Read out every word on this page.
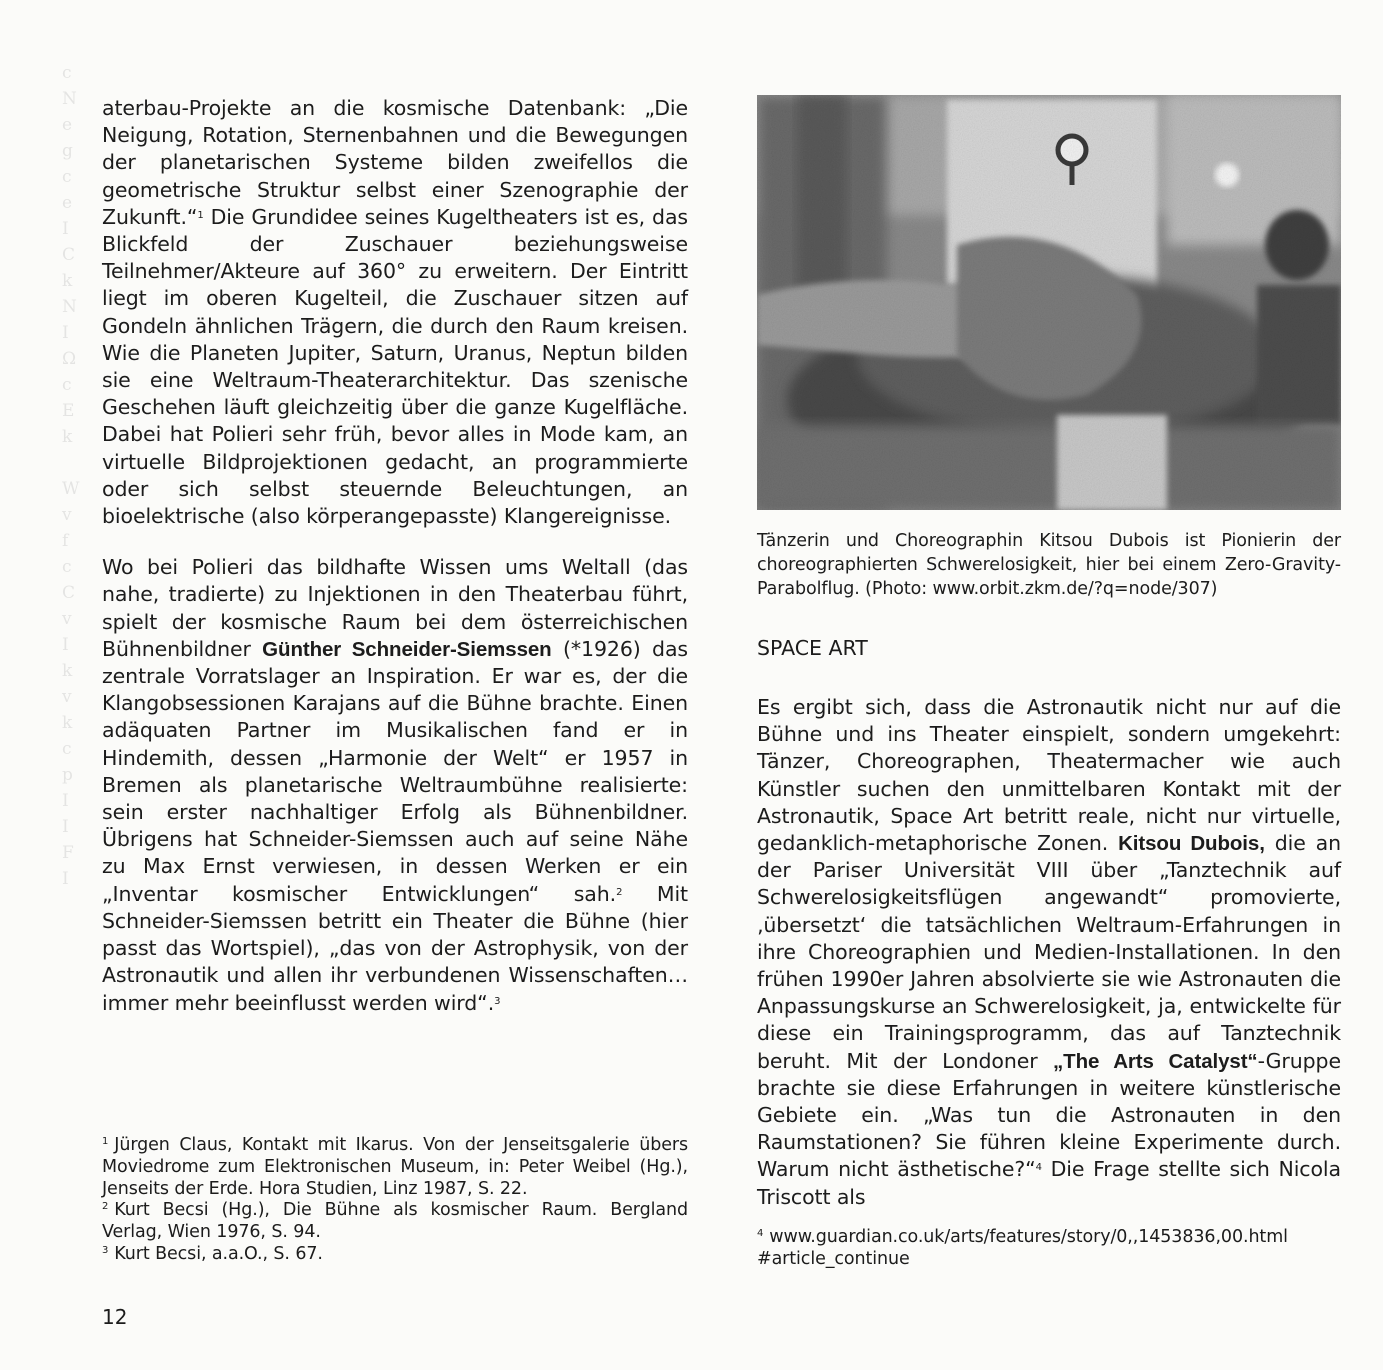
c
N
e
g
c
e
I
C
k
N
I
Ω
c
E
k

W
v
f
c
C
v
I
k
v
k
c
p
I
I
F
I

aterbau-Projekte an die kosmische Datenbank: „Die Neigung, Rotation, Sternenbahnen und die Bewegungen der planetarischen Systeme bilden zweifellos die geometrische Struktur selbst einer Szenographie der Zukunft.“$^1$ Die Grundidee seines Kugeltheaters ist es, das Blickfeld der Zuschauer beziehungsweise Teilnehmer/Akteure auf 360° zu erweitern. Der Eintritt liegt im oberen Kugelteil, die Zuschauer sitzen auf Gondeln ähnlichen Trägern, die durch den Raum kreisen. Wie die Planeten Jupiter, Saturn, Uranus, Neptun bilden sie eine Weltraum-Theaterarchitektur. Das szenische Geschehen läuft gleichzeitig über die ganze Kugelfläche. Dabei hat Polieri sehr früh, bevor alles in Mode kam, an virtuelle Bildprojektionen gedacht, an programmierte oder sich selbst steuernde Beleuchtungen, an bioelektrische (also körperangepasste) Klangereignisse.

Wo bei Polieri das bildhafte Wissen ums Weltall (das nahe, tradierte) zu Injektionen in den Theaterbau führt, spielt der kosmische Raum bei dem österreichischen Bühnenbildner Günther Schneider-Siemssen (*1926) das zentrale Vorratslager an Inspiration. Er war es, der die Klangobsessionen Karajans auf die Bühne brachte. Einen adäquaten Partner im Musikalischen fand er in Hindemith, dessen „Harmonie der Welt“ er 1957 in Bremen als planetarische Weltraumbühne realisierte: sein erster nachhaltiger Erfolg als Bühnenbildner. Übrigens hat Schneider-Siemssen auch auf seine Nähe zu Max Ernst verwiesen, in dessen Werken er ein „Inventar kosmischer Entwicklungen“ sah.$^2$ Mit Schneider-Siemssen betritt ein Theater die Bühne (hier passt das Wortspiel), „das von der Astrophysik, von der Astronautik und allen ihr verbundenen Wissenschaften… immer mehr beeinflusst werden wird“.$^3$

$^1$ Jürgen Claus, Kontakt mit Ikarus. Von der Jenseitsgalerie übers Moviedrome zum Elektronischen Museum, in: Peter Weibel (Hg.), Jenseits der Erde. Hora Studien, Linz 1987, S. 22.

$^2$ Kurt Becsi (Hg.), Die Bühne als kosmischer Raum. Bergland Verlag, Wien 1976, S. 94.

$^3$ Kurt Becsi, a.a.O., S. 67.

Tänzerin und Choreographin Kitsou Dubois ist Pionierin der choreographierten Schwerelosigkeit, hier bei einem Zero-Gravity-Parabolflug. (Photo: www.orbit.zkm.de/?q=node/307)

SPACE ART

Es ergibt sich, dass die Astronautik nicht nur auf die Bühne und ins Theater einspielt, sondern umgekehrt: Tänzer, Choreographen, Theatermacher wie auch Künstler suchen den unmittelbaren Kontakt mit der Astronautik, Space Art betritt reale, nicht nur virtuelle, gedanklich-metaphorische Zonen. Kitsou Dubois, die an der Pariser Universität VIII über „Tanztechnik auf Schwerelosigkeitsflügen angewandt“ promovierte, ‚übersetzt‘ die tatsächlichen Weltraum-Erfahrungen in ihre Choreographien und Medien-Installationen. In den frühen 1990er Jahren absolvierte sie wie Astronauten die Anpassungskurse an Schwerelosigkeit, ja, entwickelte für diese ein Trainingsprogramm, das auf Tanztechnik beruht. Mit der Londoner „The Arts Catalyst“-Gruppe brachte sie diese Erfahrungen in weitere künstlerische Gebiete ein. „Was tun die Astronauten in den Raumstationen? Sie führen kleine Experimente durch. Warum nicht ästhetische?“$^4$ Die Frage stellte sich Nicola Triscott als

$^4$ www.guardian.co.uk/arts/features/story/0,,1453836,00.html #article_continue

12
